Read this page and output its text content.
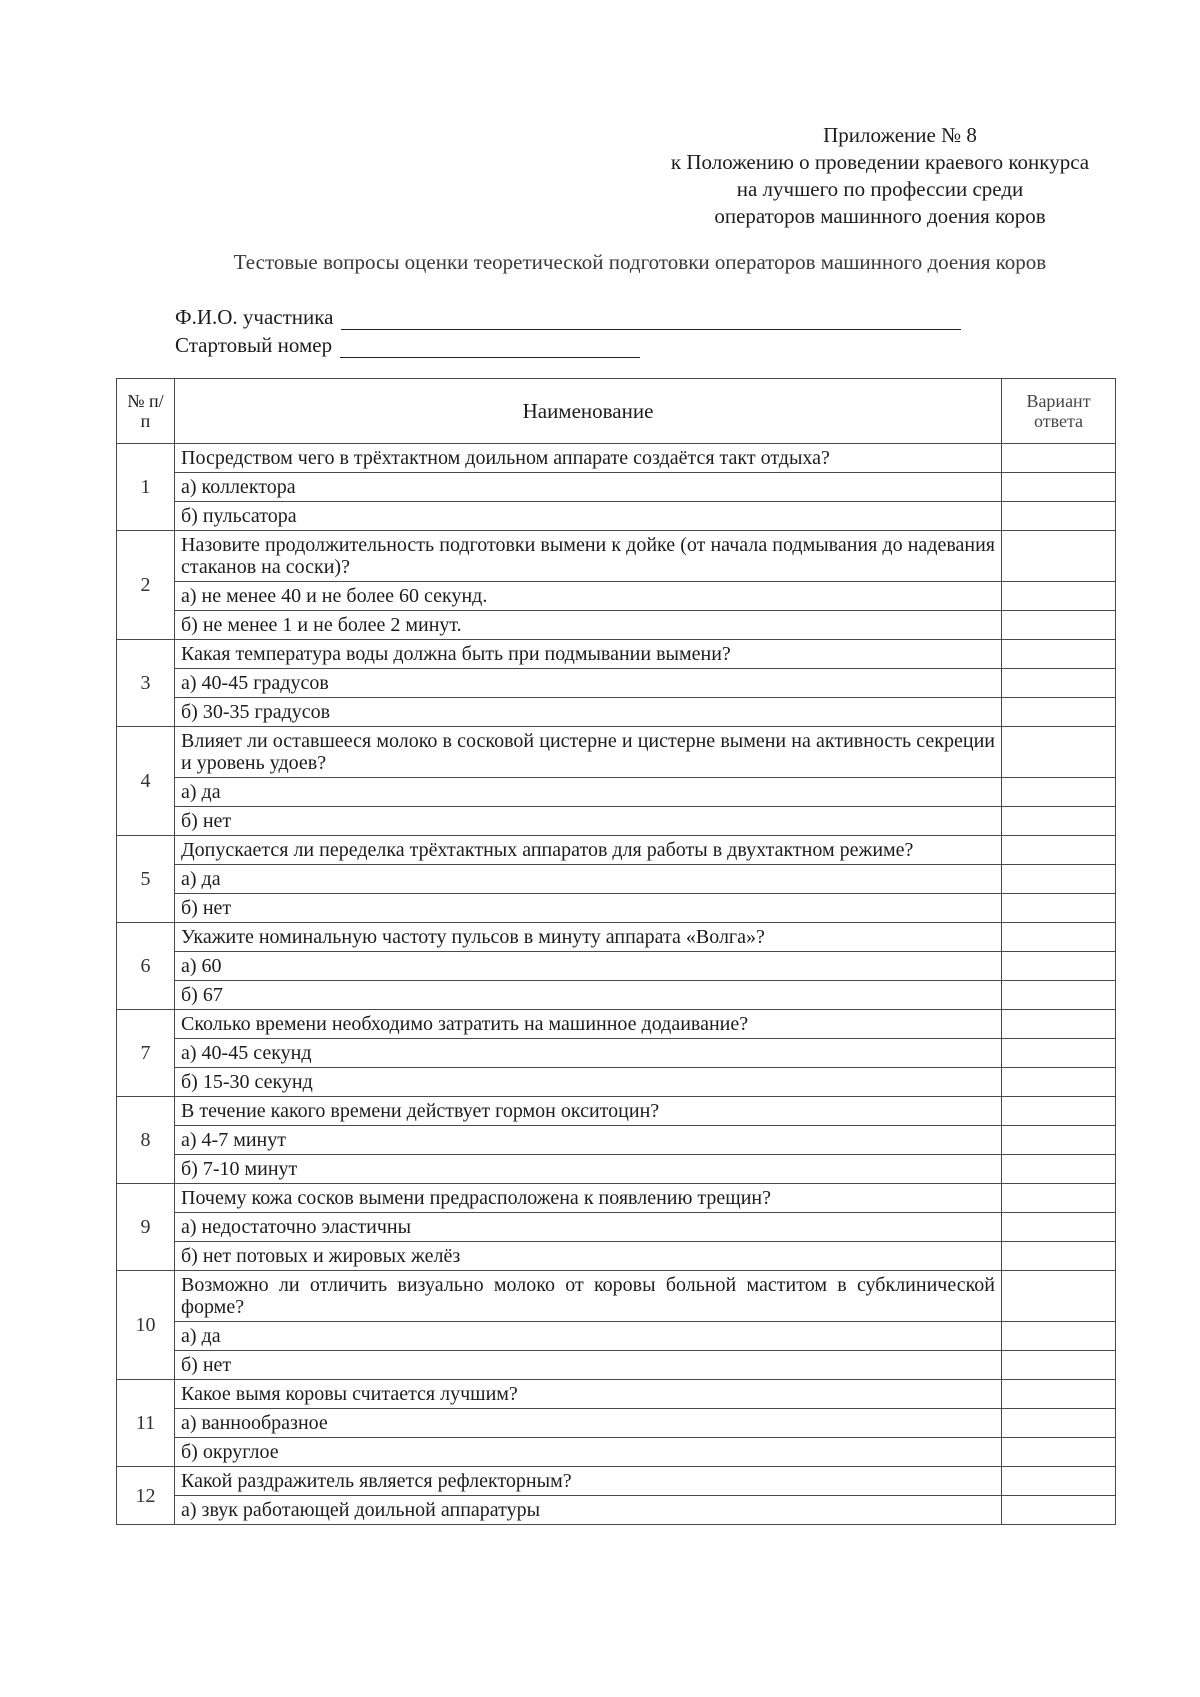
Приложение № 8
к Положению о проведении краевого конкурса
на лучшего по профессии среди
операторов машинного доения коров
Тестовые вопросы оценки теоретической подготовки операторов машинного доения коров
Ф.И.О. участника
Стартовый номер
№ п/п	Наименование	Вариант ответа
1	Посредством чего в трёхтактном доильном аппарате создаётся такт отдыха?	
	а) коллектора	
	б) пульсатора	
2	Назовите продолжительность подготовки вымени к дойке (от начала подмывания до надевания стаканов на соски)?	
	а) не менее 40 и не более 60 секунд.	
	б) не менее 1 и не более 2 минут.	
3	Какая температура воды должна быть при подмывании вымени?	
	а) 40-45 градусов	
	б) 30-35 градусов	
4	Влияет ли оставшееся молоко в сосковой цистерне и цистерне вымени на активность секреции и уровень удоев?	
	а) да	
	б) нет	
5	Допускается ли переделка трёхтактных аппаратов для работы в двухтактном режиме?	
	а) да	
	б) нет	
6	Укажите номинальную частоту пульсов в минуту аппарата «Волга»?	
	а) 60	
	б) 67	
7	Сколько времени необходимо затратить на машинное додаивание?	
	а) 40-45 секунд	
	б) 15-30 секунд	
8	В течение какого времени действует гормон окситоцин?	
	а) 4-7 минут	
	б) 7-10 минут	
9	Почему кожа сосков вымени предрасположена к появлению трещин?	
	а) недостаточно эластичны	
	б) нет потовых и жировых желёз	
10	Возможно ли отличить визуально молоко от коровы больной маститом в субклинической форме?	
	а) да	
	б) нет	
11	Какое вымя коровы считается лучшим?	
	а) ваннообразное	
	б) округлое	
12	Какой раздражитель является рефлекторным?	
	а) звук работающей доильной аппаратуры	
